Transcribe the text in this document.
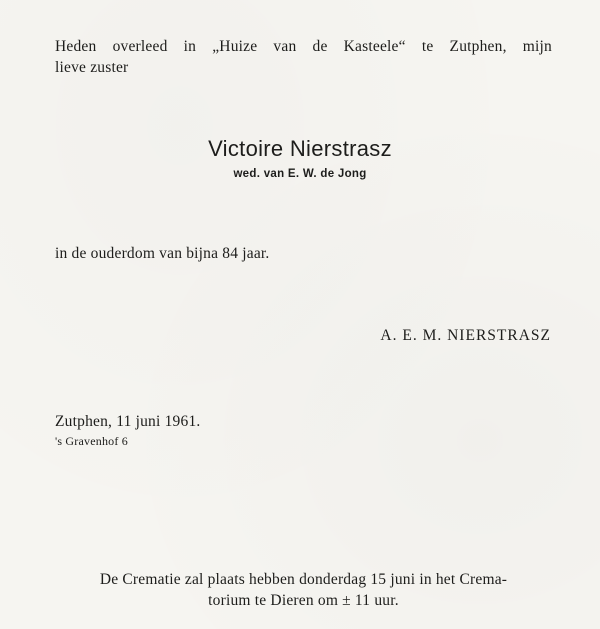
Heden overleed in „Huize van de Kasteele“ te Zutphen, mijn
lieve zuster
Victoire Nierstrasz
wed. van E. W. de Jong
in de ouderdom van bijna 84 jaar.
A. E. M. NIERSTRASZ
Zutphen, 11 juni 1961.
's Gravenhof 6
De Crematie zal plaats hebben donderdag 15 juni in het Crema-
torium te Dieren om ± 11 uur.
